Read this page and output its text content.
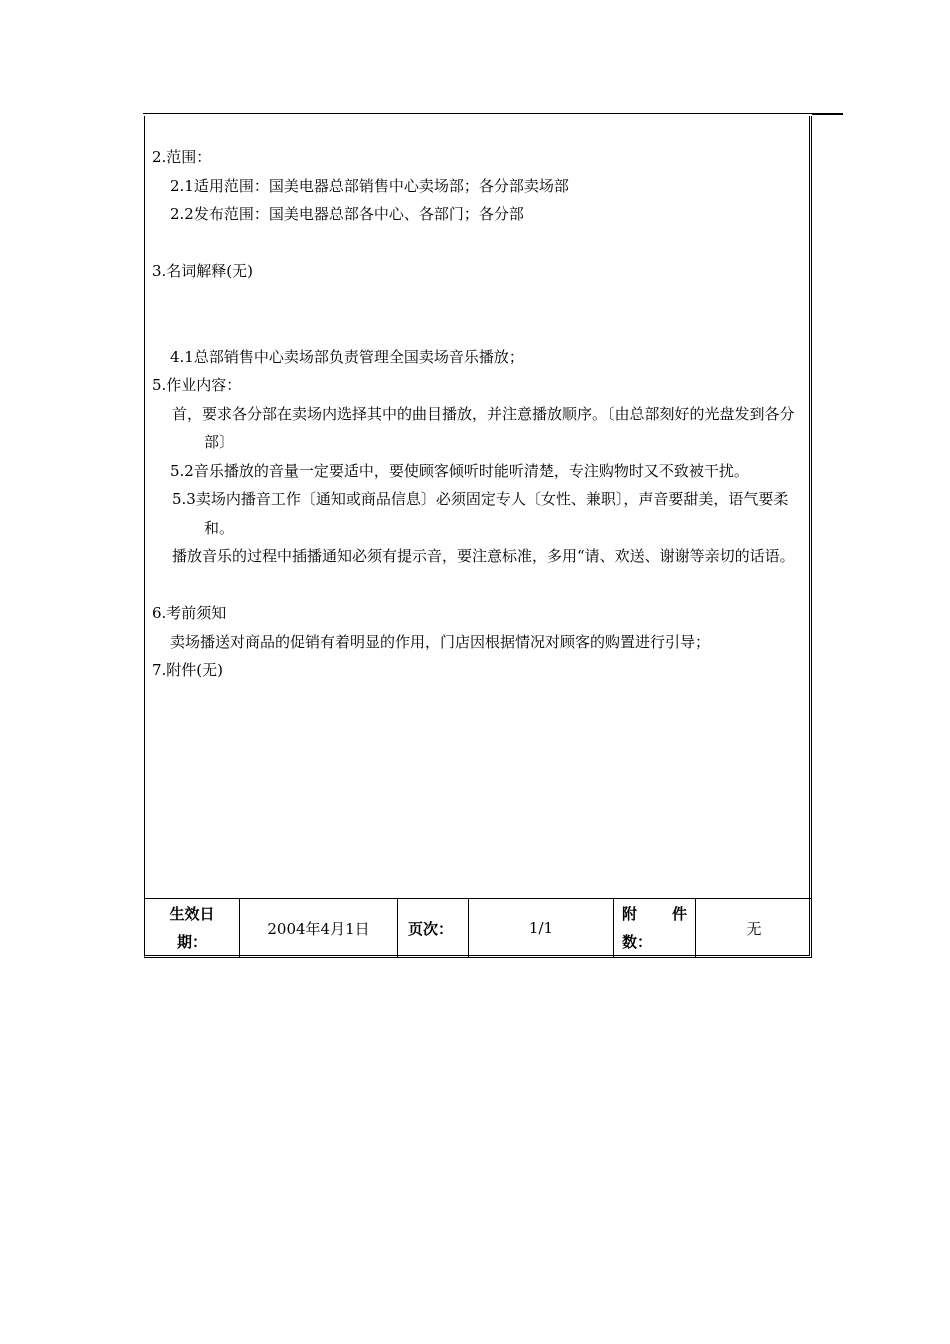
2.范围：
2.1适用范围：国美电器总部销售中心卖场部；各分部卖场部
2.2发布范围：国美电器总部各中心、各部门；各分部
3.名词解释(无)
4.1总部销售中心卖场部负责管理全国卖场音乐播放；
5.作业内容：
首，要求各分部在卖场内选择其中的曲目播放，并注意播放顺序。〔由总部刻好的光盘发到各分部〕
5.2音乐播放的音量一定要适中，要使顾客倾听时能听清楚，专注购物时又不致被干扰。
5.3卖场内播音工作〔通知或商品信息〕必须固定专人〔女性、兼职〕，声音要甜美，语气要柔和。
播放音乐的过程中插播通知必须有提示音，要注意标准，多用“请、欢送、谢谢等亲切的话语。
6.考前须知
卖场播送对商品的促销有着明显的作用，门店因根据情况对顾客的购置进行引导；
7.附件(无)
生效日
期：
2004年4月1日	页次：	1/1
附 件
数：
无
